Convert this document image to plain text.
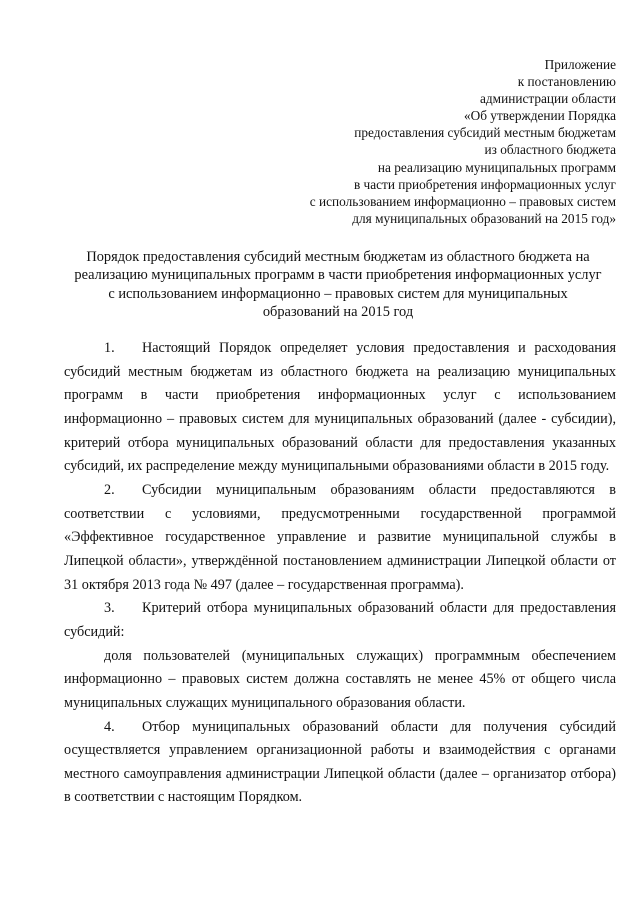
Приложение
к постановлению
администрации области
«Об утверждении Порядка
предоставления субсидий местным бюджетам
из областного бюджета
на реализацию муниципальных программ
в части приобретения информационных услуг
с использованием информационно – правовых систем
для муниципальных образований на 2015 год»
Порядок предоставления субсидий местным бюджетам из областного бюджета на
реализацию муниципальных программ в части приобретения информационных услуг
с использованием информационно – правовых систем для муниципальных
образований на 2015 год

1. Настоящий Порядок определяет условия предоставления и расходования субсидий местным бюджетам из областного бюджета на реализацию муниципальных программ в части приобретения информационных услуг с использованием информационно – правовых систем для муниципальных образований (далее - субсидии), критерий отбора муниципальных образований области для предоставления указанных субсидий, их распределение между муниципальными образованиями области в 2015 году.

2. Субсидии муниципальным образованиям области предоставляются в соответствии с условиями, предусмотренными государственной программой «Эффективное государственное управление и развитие муниципальной службы в Липецкой области», утверждённой постановлением администрации Липецкой области от 31 октября 2013 года № 497 (далее – государственная программа).

3. Критерий отбора муниципальных образований области для предоставления субсидий:

доля пользователей (муниципальных служащих) программным обеспечением информационно – правовых систем должна составлять не менее 45% от общего числа муниципальных служащих муниципального образования области.

4. Отбор муниципальных образований области для получения субсидий осуществляется управлением организационной работы и взаимодействия с органами местного самоуправления администрации Липецкой области (далее – организатор отбора) в соответствии с настоящим Порядком.
